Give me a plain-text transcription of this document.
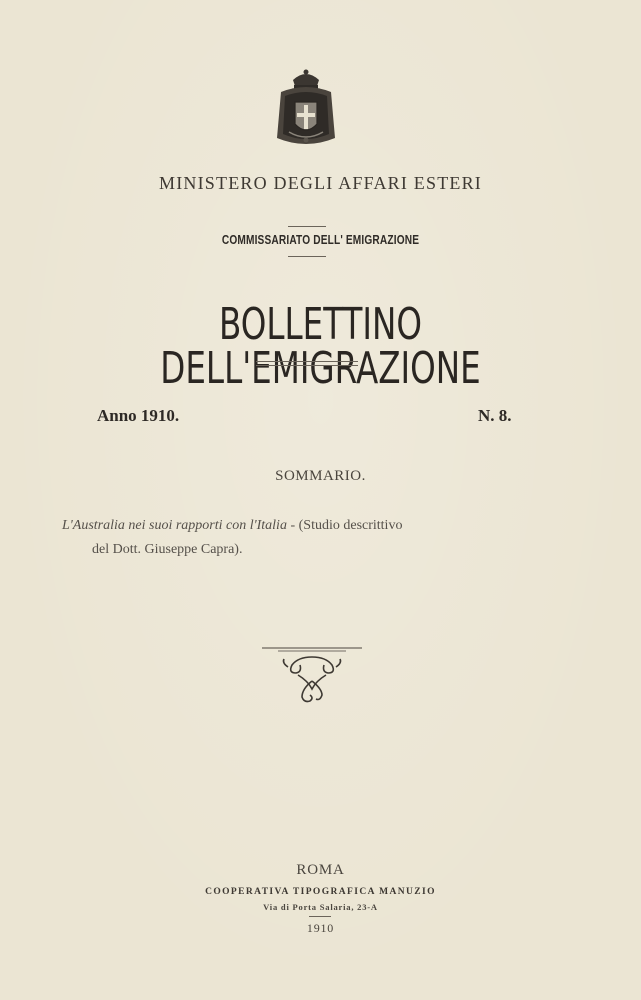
MINISTERO DEGLI AFFARI ESTERI
COMMISSARIATO DELL' EMIGRAZIONE
BOLLETTINO DELL'EMIGRAZIONE
Anno 1910.	N. 8.
SOMMARIO.
L'Australia nei suoi rapporti con l'Italia - (Studio descrittivo
del Dott. Giuseppe Capra).
ROMA
COOPERATIVA TIPOGRAFICA MANUZIO
Via di Porta Salaria, 23-A
1910
